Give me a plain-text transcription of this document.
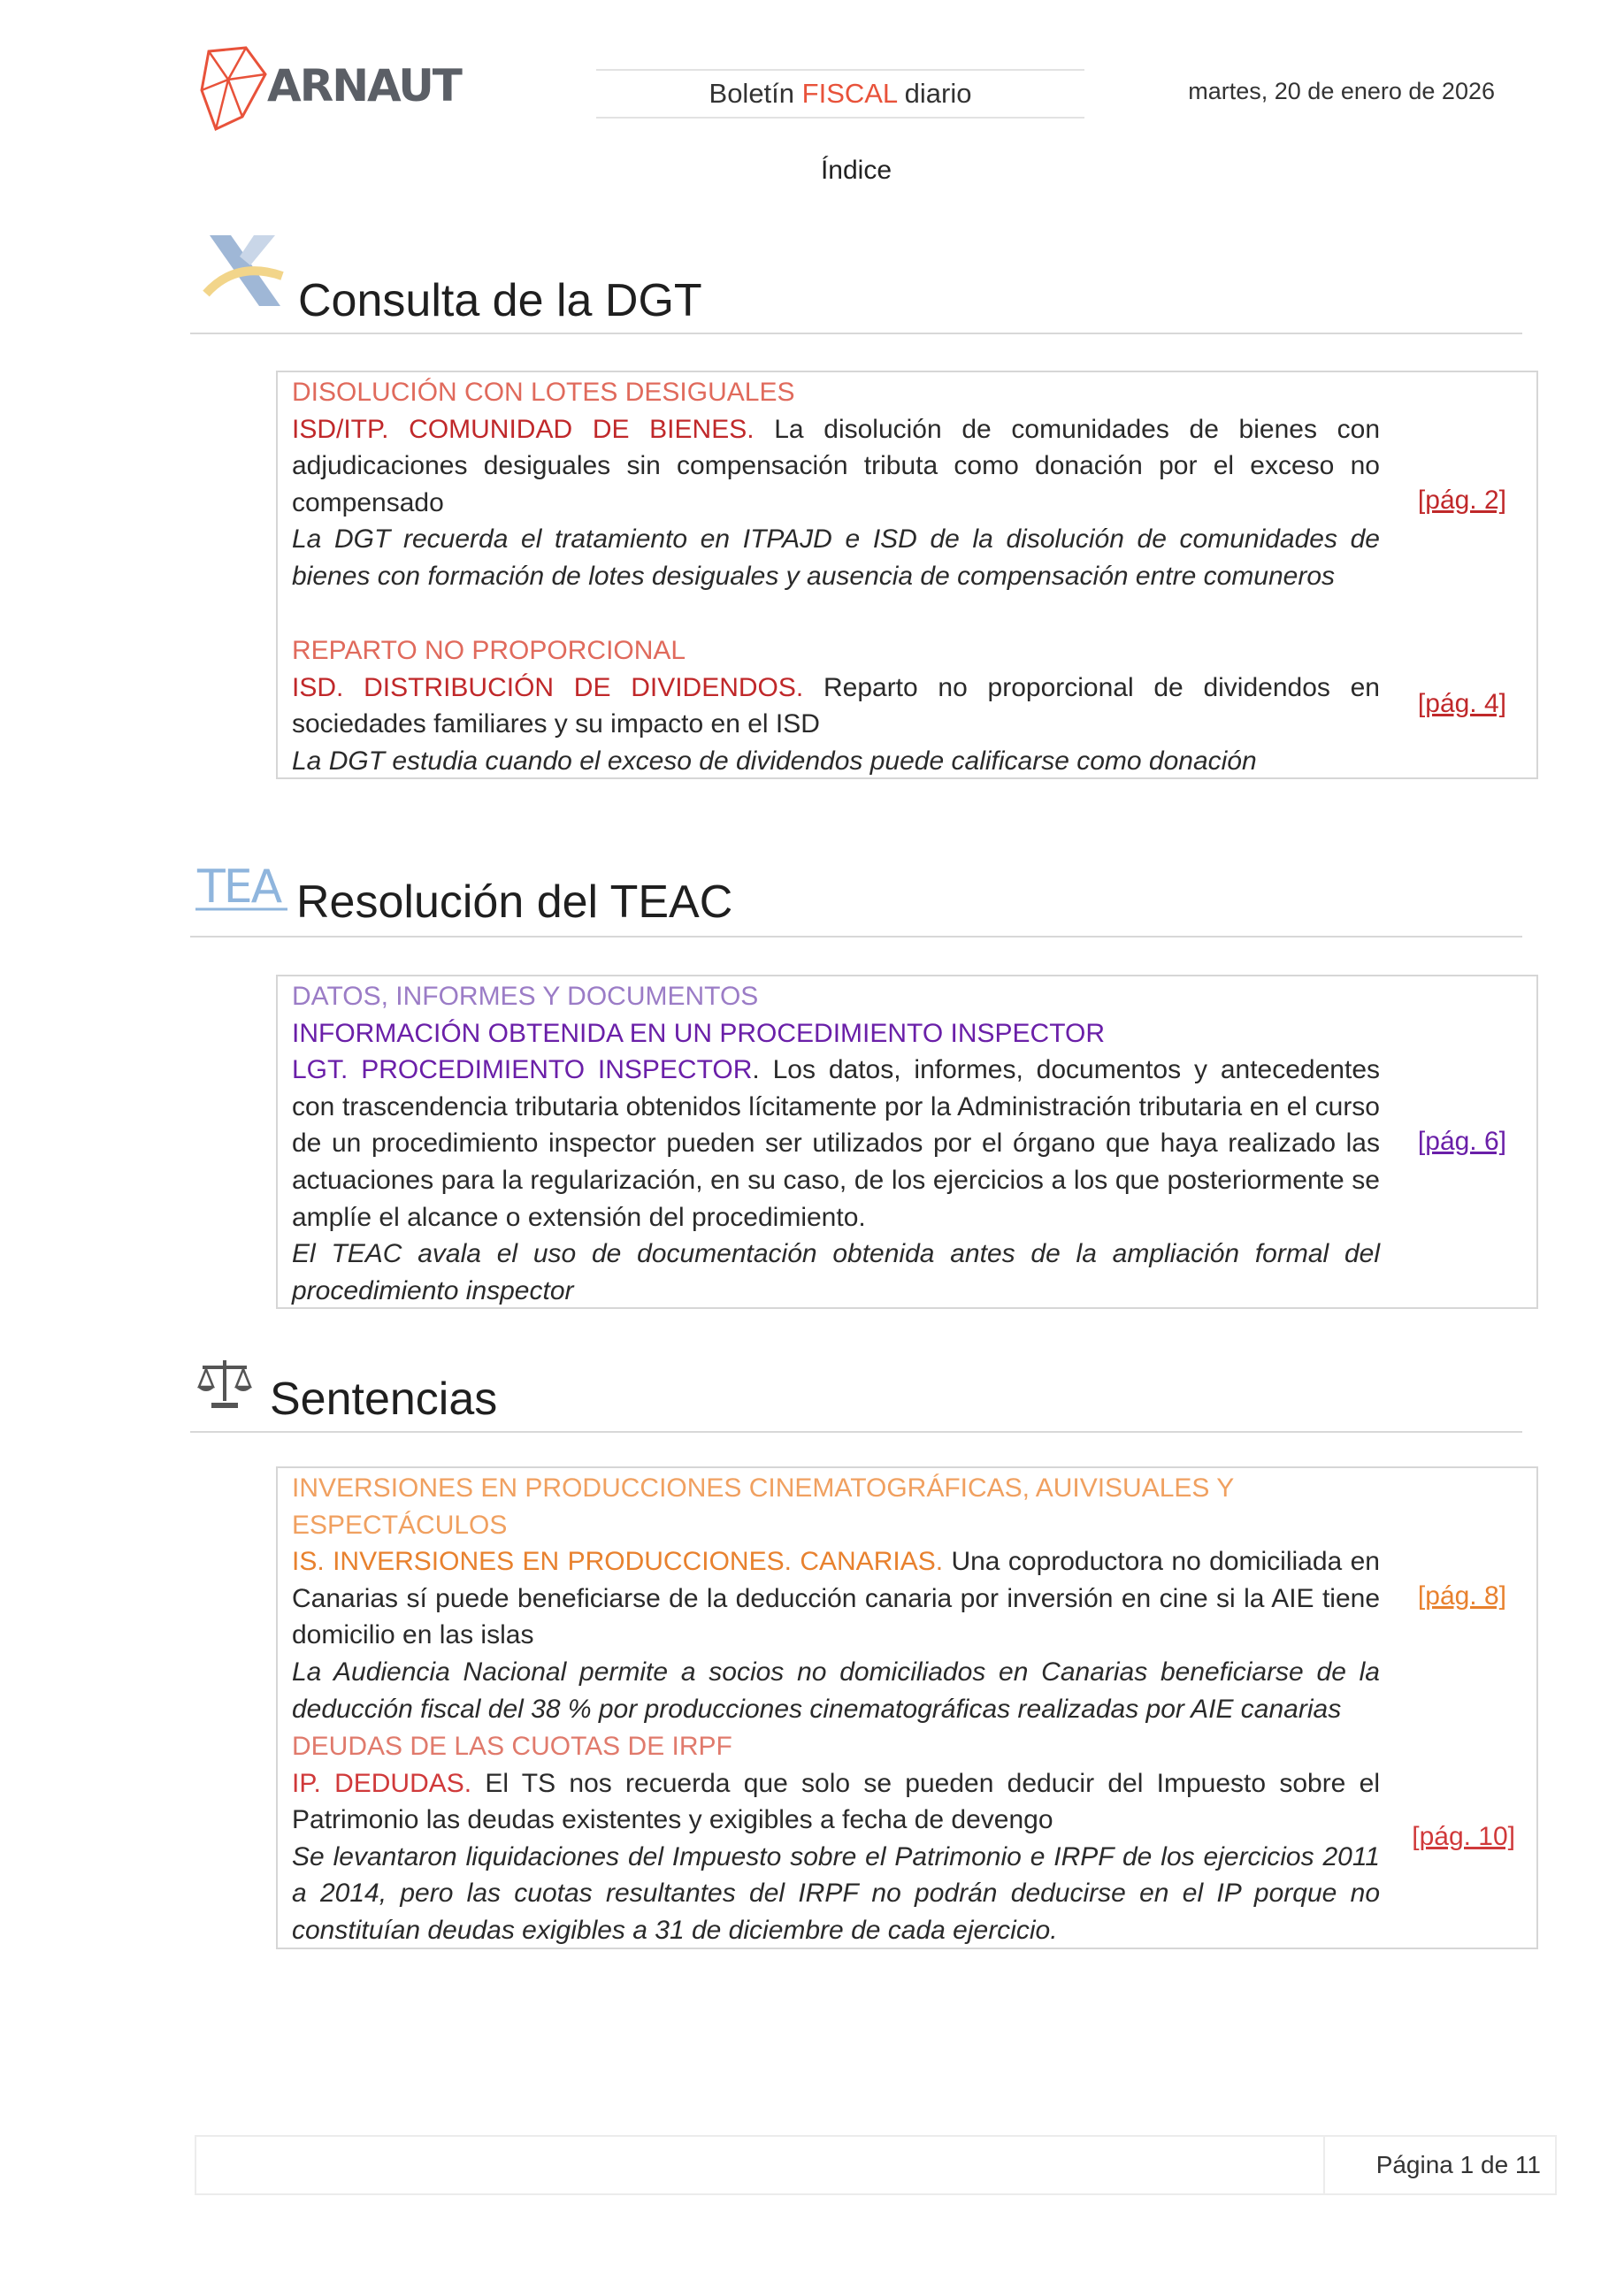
ARNAUT	Boletín FISCAL diario	martes, 20 de enero de 2026
Índice
Consulta de la DGT
DISOLUCIÓN CON LOTES DESIGUALES
ISD/ITP. COMUNIDAD DE BIENES. La disolución de comunidades de bienes con adjudicaciones desiguales sin compensación tributa como donación por el exceso no compensado
La DGT recuerda el tratamiento en ITPAJD e ISD de la disolución de comunidades de bienes con formación de lotes desiguales y ausencia de compensación entre comuneros
[pág. 2]
REPARTO NO PROPORCIONAL
ISD. DISTRIBUCIÓN DE DIVIDENDOS. Reparto no proporcional de dividendos en sociedades familiares y su impacto en el ISD
La DGT estudia cuando el exceso de dividendos puede calificarse como donación
[pág. 4]
TEA Resolución del TEAC
DATOS, INFORMES Y DOCUMENTOS
INFORMACIÓN OBTENIDA EN UN PROCEDIMIENTO INSPECTOR
LGT. PROCEDIMIENTO INSPECTOR. Los datos, informes, documentos y antecedentes con trascendencia tributaria obtenidos lícitamente por la Administración tributaria en el curso de un procedimiento inspector pueden ser utilizados por el órgano que haya realizado las actuaciones para la regularización, en su caso, de los ejercicios a los que posteriormente se amplíe el alcance o extensión del procedimiento.
El TEAC avala el uso de documentación obtenida antes de la ampliación formal del procedimiento inspector
[pág. 6]
Sentencias
INVERSIONES EN PRODUCCIONES CINEMATOGRÁFICAS, AUIVISUALES Y ESPECTÁCULOS
IS. INVERSIONES EN PRODUCCIONES. CANARIAS. Una coproductora no domiciliada en Canarias sí puede beneficiarse de la deducción canaria por inversión en cine si la AIE tiene domicilio en las islas
La Audiencia Nacional permite a socios no domiciliados en Canarias beneficiarse de la deducción fiscal del 38 % por producciones cinematográficas realizadas por AIE canarias
[pág. 8]
DEUDAS DE LAS CUOTAS DE IRPF
IP. DEDUDAS. El TS nos recuerda que solo se pueden deducir del Impuesto sobre el Patrimonio las deudas existentes y exigibles a fecha de devengo
Se levantaron liquidaciones del Impuesto sobre el Patrimonio e IRPF de los ejercicios 2011 a 2014, pero las cuotas resultantes del IRPF no podrán deducirse en el IP porque no constituían deudas exigibles a 31 de diciembre de cada ejercicio.
[pág. 10]
Página 1 de 11
